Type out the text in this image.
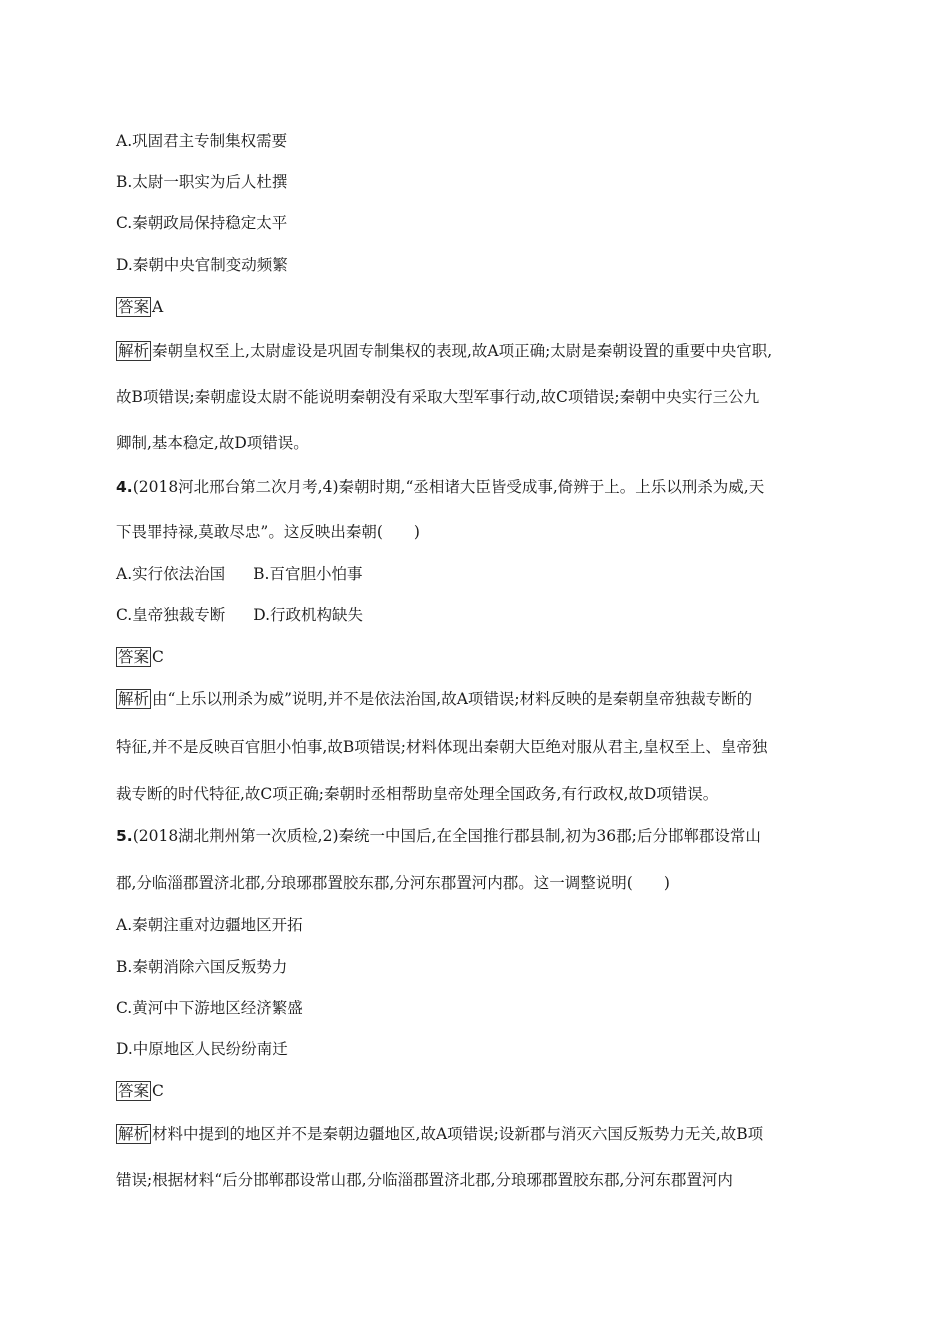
A.巩固君主专制集权需要
B.太尉一职实为后人杜撰
C.秦朝政局保持稳定太平
D.秦朝中央官制变动频繁
答案 A
解析 秦朝皇权至上,太尉虚设是巩固专制集权的表现,故A项正确;太尉是秦朝设置的重要中央官职,
故B项错误;秦朝虚设太尉不能说明秦朝没有采取大型军事行动,故C项错误;秦朝中央实行三公九
卿制,基本稳定,故D项错误。
4.(2018河北邢台第二次月考,4)秦朝时期,“丞相诸大臣皆受成事,倚辨于上。上乐以刑杀为威,天
下畏罪持禄,莫敢尽忠”。这反映出秦朝(　　)
A.实行依法治国 B.百官胆小怕事
C.皇帝独裁专断 D.行政机构缺失
答案 C
解析 由“上乐以刑杀为威”说明,并不是依法治国,故A项错误;材料反映的是秦朝皇帝独裁专断的
特征,并不是反映百官胆小怕事,故B项错误;材料体现出秦朝大臣绝对服从君主,皇权至上、皇帝独
裁专断的时代特征,故C项正确;秦朝时丞相帮助皇帝处理全国政务,有行政权,故D项错误。
5.(2018湖北荆州第一次质检,2)秦统一中国后,在全国推行郡县制,初为36郡;后分邯郸郡设常山
郡,分临淄郡置济北郡,分琅琊郡置胶东郡,分河东郡置河内郡。这一调整说明(　　)
A.秦朝注重对边疆地区开拓
B.秦朝消除六国反叛势力
C.黄河中下游地区经济繁盛
D.中原地区人民纷纷南迁
答案 C
解析 材料中提到的地区并不是秦朝边疆地区,故A项错误;设新郡与消灭六国反叛势力无关,故B项
错误;根据材料“后分邯郸郡设常山郡,分临淄郡置济北郡,分琅琊郡置胶东郡,分河东郡置河内
